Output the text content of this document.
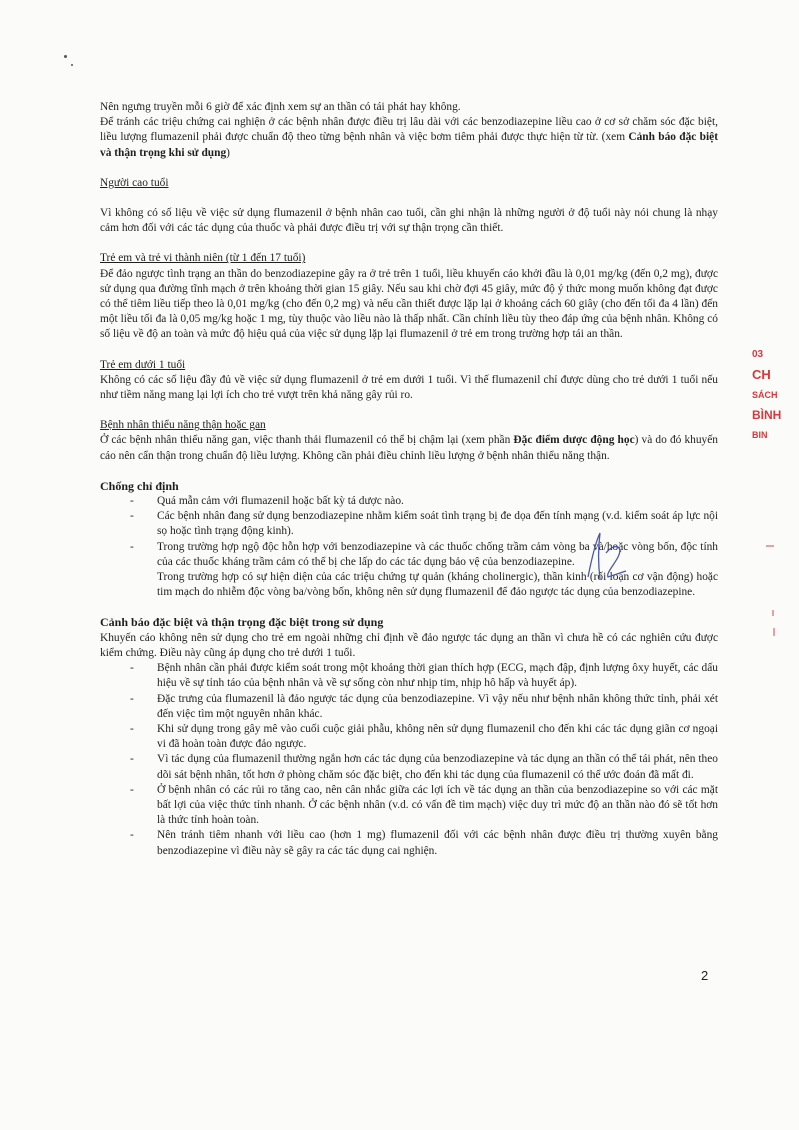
Nên ngưng truyền mỗi 6 giờ để xác định xem sự an thần có tái phát hay không.

Để tránh các triệu chứng cai nghiện ở các bệnh nhân được điều trị lâu dài với các benzodiazepine liều cao ở cơ sở chăm sóc đặc biệt, liều lượng flumazenil phải được chuẩn độ theo từng bệnh nhân và việc bơm tiêm phải được thực hiện từ từ. (xem Cảnh báo đặc biệt và thận trọng khi sử dụng)

Người cao tuổi

Vì không có số liệu về việc sử dụng flumazenil ở bệnh nhân cao tuổi, cần ghi nhận là những người ở độ tuổi này nói chung là nhạy cảm hơn đối với các tác dụng của thuốc và phải được điều trị với sự thận trọng cần thiết.

Trẻ em và trẻ vị thành niên (từ 1 đến 17 tuổi)

Để đảo ngược tình trạng an thần do benzodiazepine gây ra ở trẻ trên 1 tuổi, liều khuyến cáo khởi đầu là 0,01 mg/kg (đến 0,2 mg), được sử dụng qua đường tĩnh mạch ở trên khoảng thời gian 15 giây. Nếu sau khi chờ đợi 45 giây, mức độ ý thức mong muốn không đạt được có thể tiêm liều tiếp theo là 0,01 mg/kg (cho đến 0,2 mg) và nếu cần thiết được lặp lại ở khoảng cách 60 giây (cho đến tối đa 4 lần) đến một liều tối đa là 0,05 mg/kg hoặc 1 mg, tùy thuộc vào liều nào là thấp nhất. Cần chỉnh liều tùy theo đáp ứng của bệnh nhân. Không có số liệu về độ an toàn và mức độ hiệu quả của việc sử dụng lặp lại flumazenil ở trẻ em trong trường hợp tái an thần.

Trẻ em dưới 1 tuổi

Không có các số liệu đầy đủ về việc sử dụng flumazenil ở trẻ em dưới 1 tuổi. Vì thế flumazenil chỉ được dùng cho trẻ dưới 1 tuổi nếu như tiềm năng mang lại lợi ích cho trẻ vượt trên khả năng gây rủi ro.

Bệnh nhân thiểu năng thận hoặc gan

Ở các bệnh nhân thiểu năng gan, việc thanh thải flumazenil có thể bị chậm lại (xem phần Đặc điểm dược động học) và do đó khuyến cáo nên cẩn thận trong chuẩn độ liều lượng. Không cần phải điều chỉnh liều lượng ở bệnh nhân thiểu năng thận.

Chống chỉ định

- Quá mẫn cảm với flumazenil hoặc bất kỳ tá dược nào.
- Các bệnh nhân đang sử dụng benzodiazepine nhằm kiểm soát tình trạng bị đe dọa đến tính mạng (v.d. kiểm soát áp lực nội sọ hoặc tình trạng động kinh).
- Trong trường hợp ngộ độc hỗn hợp với benzodiazepine và các thuốc chống trầm cảm vòng ba và/hoặc vòng bốn, độc tính của các thuốc kháng trầm cảm có thể bị che lấp do các tác dụng bảo vệ của benzodiazepine.

Trong trường hợp có sự hiện diện của các triệu chứng tự quản (kháng cholinergic), thần kinh (rối loạn cơ vận động) hoặc tim mạch do nhiễm độc vòng ba/vòng bốn, không nên sử dụng flumazenil để đảo ngược tác dụng của benzodiazepine.

Cảnh báo đặc biệt và thận trọng đặc biệt trong sử dụng

Khuyến cáo không nên sử dụng cho trẻ em ngoài những chỉ định về đảo ngược tác dụng an thần vì chưa hề có các nghiên cứu được kiểm chứng. Điều này cũng áp dụng cho trẻ dưới 1 tuổi.

- Bệnh nhân cần phải được kiểm soát trong một khoảng thời gian thích hợp (ECG, mạch đập, định lượng ôxy huyết, các dấu hiệu về sự tỉnh táo của bệnh nhân và về sự sống còn như nhịp tim, nhịp hô hấp và huyết áp).
- Đặc trưng của flumazenil là đảo ngược tác dụng của benzodiazepine. Vì vậy nếu như bệnh nhân không thức tỉnh, phải xét đến việc tìm một nguyên nhân khác.
- Khi sử dụng trong gây mê vào cuối cuộc giải phẫu, không nên sử dụng flumazenil cho đến khi các tác dụng giãn cơ ngoại vi đã hoàn toàn được đảo ngược.
- Vì tác dụng của flumazenil thường ngắn hơn các tác dụng của benzodiazepine và tác dụng an thần có thể tái phát, nên theo dõi sát bệnh nhân, tốt hơn ở phòng chăm sóc đặc biệt, cho đến khi tác dụng của flumazenil có thể ước đoán đã mất đi.
- Ở bệnh nhân có các rủi ro tăng cao, nên cân nhắc giữa các lợi ích về tác dụng an thần của benzodiazepine so với các mặt bất lợi của việc thức tỉnh nhanh. Ở các bệnh nhân (v.d. có vấn đề tim mạch) việc duy trì mức độ an thần nào đó sẽ tốt hơn là thức tỉnh hoàn toàn.
- Nên tránh tiêm nhanh với liều cao (hơn 1 mg) flumazenil đối với các bệnh nhân được điều trị thường xuyên bằng benzodiazepine vì điều này sẽ gây ra các tác dụng cai nghiện.
03
CH
SÁCH
BÌNH
BIN
2
